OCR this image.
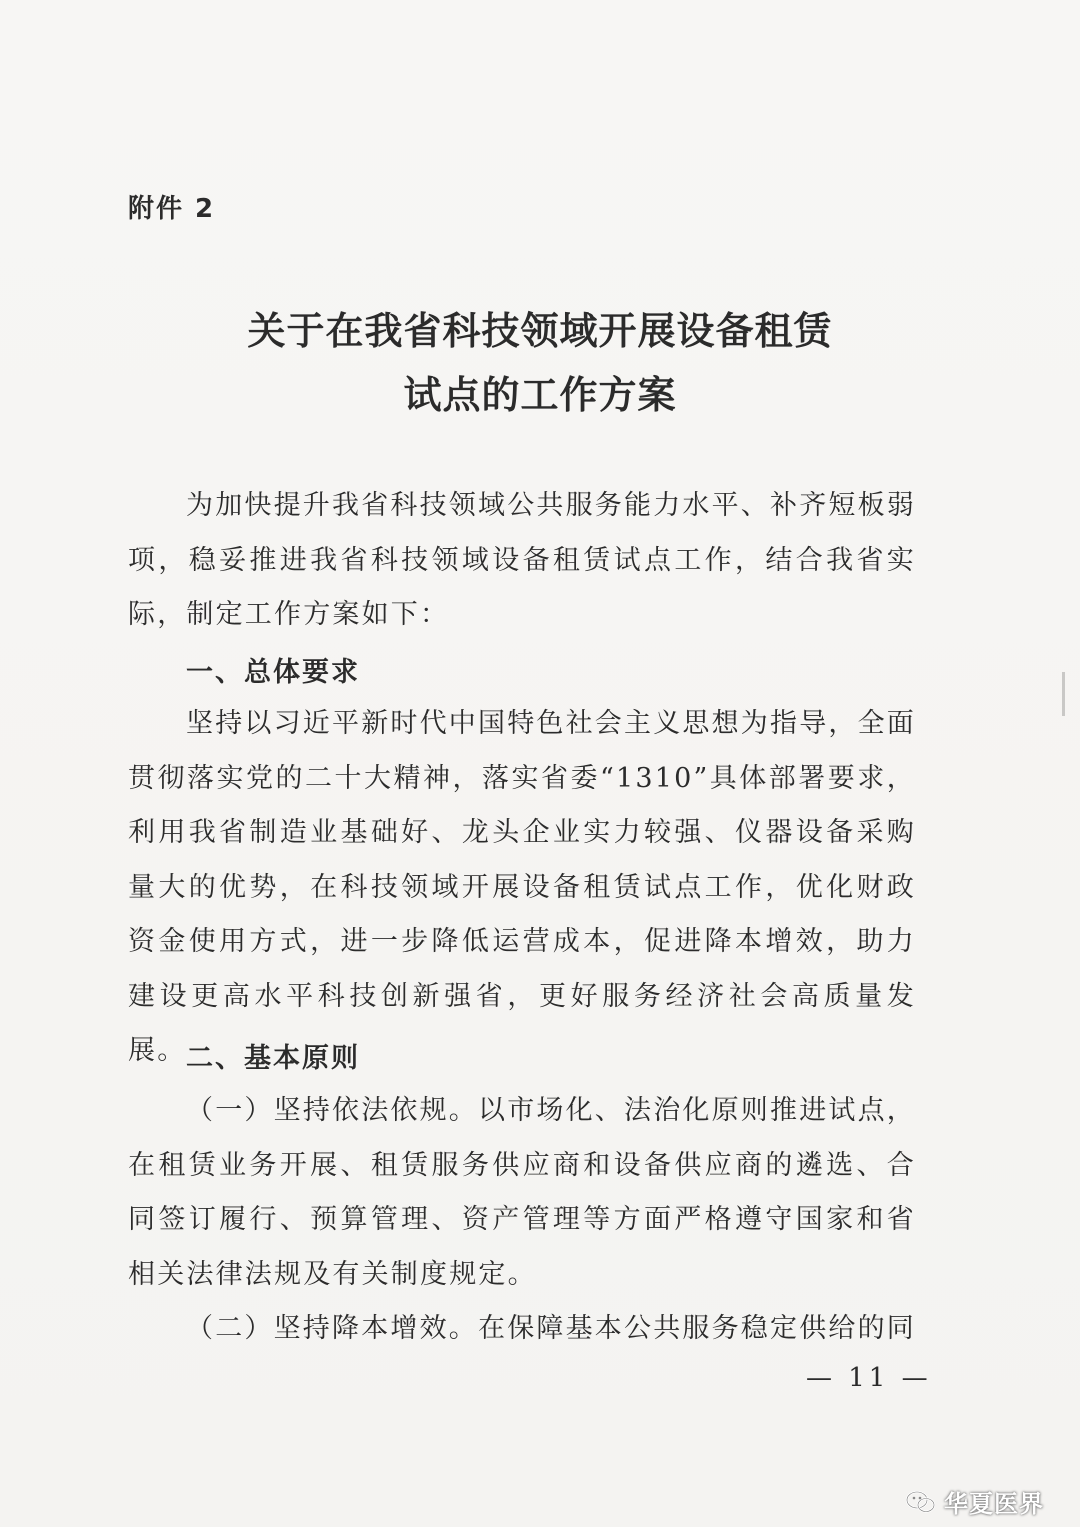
附件 2
关于在我省科技领域开展设备租赁
试点的工作方案
为加快提升我省科技领域公共服务能力水平、补齐短板弱项，稳妥推进我省科技领域设备租赁试点工作，结合我省实际，制定工作方案如下：
一、总体要求
坚持以习近平新时代中国特色社会主义思想为指导，全面贯彻落实党的二十大精神，落实省委“1310”具体部署要求，利用我省制造业基础好、龙头企业实力较强、仪器设备采购量大的优势，在科技领域开展设备租赁试点工作，优化财政资金使用方式，进一步降低运营成本，促进降本增效，助力建设更高水平科技创新强省，更好服务经济社会高质量发展。 二、基本原则
（一）坚持依法依规。以市场化、法治化原则推进试点，在租赁业务开展、租赁服务供应商和设备供应商的遴选、合同签订履行、预算管理、资产管理等方面严格遵守国家和省相关法律法规及有关制度规定。
（二）坚持降本增效。在保障基本公共服务稳定供给的同
— 11 —
华夏医界
